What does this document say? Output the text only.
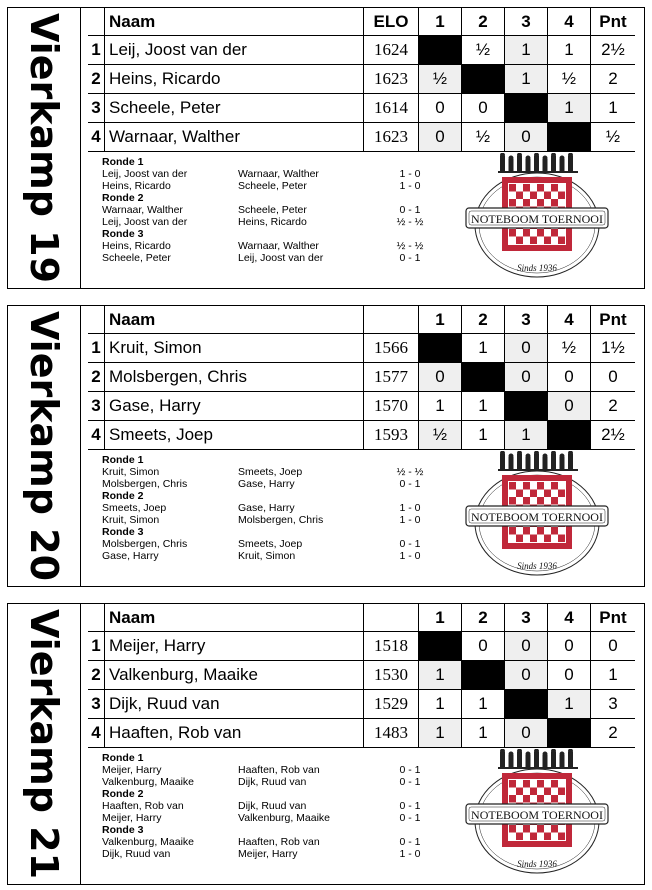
Vierkamp 19
		Naam	ELO	1	2	3	4	Pnt
1	Leij, Joost van der	1624		½	1	1	2½
2	Heins, Ricardo	1623	½		1	½	2
3	Scheele, Peter	1614	0	0		1	1
4	Warnaar, Walther	1623	0	½	0		½
Ronde 1
Leij, Joost van der	Warnaar, Walther	1 - 0
Heins, Ricardo	Scheele, Peter	1 - 0
Ronde 2
Warnaar, Walther	Scheele, Peter	0 - 1
Leij, Joost van der	Heins, Ricardo	½ - ½
Ronde 3
Heins, Ricardo	Warnaar, Walther	½ - ½
Scheele, Peter	Leij, Joost van der	0 - 1
NOTEBOOM TOERNOOI
Sinds 1936
Vierkamp 20
		Naam		1	2	3	4	Pnt
1	Kruit, Simon	1566		1	0	½	1½
2	Molsbergen, Chris	1577	0		0	0	0
3	Gase, Harry	1570	1	1		0	2
4	Smeets, Joep	1593	½	1	1		2½
Ronde 1
Kruit, Simon	Smeets, Joep	½ - ½
Molsbergen, Chris	Gase, Harry	0 - 1
Ronde 2
Smeets, Joep	Gase, Harry	1 - 0
Kruit, Simon	Molsbergen, Chris	1 - 0
Ronde 3
Molsbergen, Chris	Smeets, Joep	0 - 1
Gase, Harry	Kruit, Simon	1 - 0
NOTEBOOM TOERNOOI
Sinds 1936
Vierkamp 21
		Naam		1	2	3	4	Pnt
1	Meijer, Harry	1518		0	0	0	0
2	Valkenburg, Maaike	1530	1		0	0	1
3	Dijk, Ruud van	1529	1	1		1	3
4	Haaften, Rob van	1483	1	1	0		2
Ronde 1
Meijer, Harry	Haaften, Rob van	0 - 1
Valkenburg, Maaike	Dijk, Ruud van	0 - 1
Ronde 2
Haaften, Rob van	Dijk, Ruud van	0 - 1
Meijer, Harry	Valkenburg, Maaike	0 - 1
Ronde 3
Valkenburg, Maaike	Haaften, Rob van	0 - 1
Dijk, Ruud van	Meijer, Harry	1 - 0
NOTEBOOM TOERNOOI
Sinds 1936
